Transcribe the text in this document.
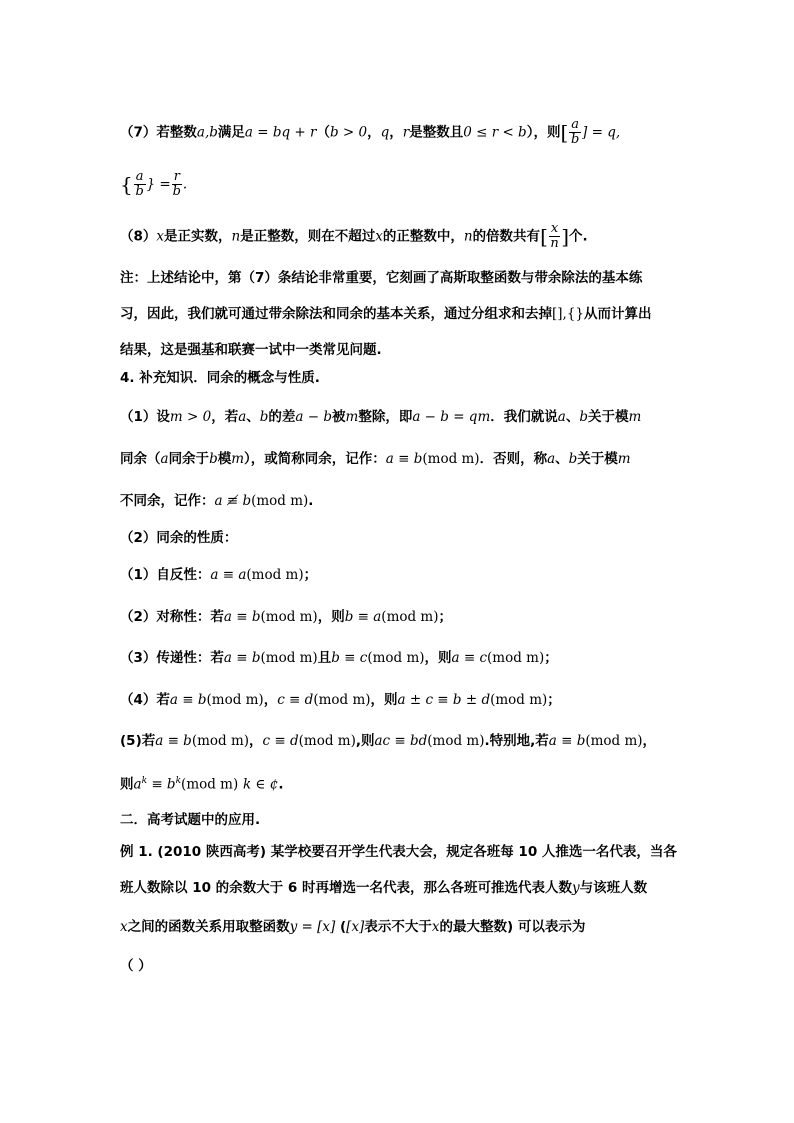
（7）若整数a,b满足a = bq + r（b > 0，q，r是整数且0 ≤ r < b），则[ $\frac{a}{b}$ ] = q,
{ $\frac{a}{b}$ } = $\frac{r}{b}$ .
（8）x是正实数，n是正整数，则在不超过x的正整数中，n的倍数共有[ $\frac{x}{n}$ ]个.
注：上述结论中，第（7）条结论非常重要，它刻画了高斯取整函数与带余除法的基本练
习，因此，我们就可通过带余除法和同余的基本关系，通过分组求和去掉[],{}从而计算出
结果，这是强基和联赛一试中一类常见问题.
4. 补充知识．同余的概念与性质.
（1）设m > 0，若a、b的差a − b被m整除，即a − b = qm．我们就说a、b关于模m
同余（a同余于b模m），或简称同余，记作：a ≡ b(mod m)．否则，称a、b关于模m
不同余，记作：a ≢ b(mod m).
（2）同余的性质：
（1）自反性：a ≡ a(mod m)；
（2）对称性：若a ≡ b(mod m)，则b ≡ a(mod m)；
（3）传递性：若a ≡ b(mod m)且b ≡ c(mod m)，则a ≡ c(mod m)；
（4）若a ≡ b(mod m)，c ≡ d(mod m)，则a ± c ≡ b ± d(mod m)；
(5)若a ≡ b(mod m)，c ≡ d(mod m),则ac ≡ bd(mod m).特别地,若a ≡ b(mod m)，
则$a^k \equiv b^k(mod$ m) k ∈ ¢.
二．高考试题中的应用.
例 1. (2010 陕西高考) 某学校要召开学生代表大会，规定各班每 10 人推选一名代表，当各
班人数除以 10 的余数大于 6 时再增选一名代表，那么各班可推选代表人数y与该班人数
x之间的函数关系用取整函数y = [x] ([x]表示不大于x的最大整数) 可以表示为
（ ）
